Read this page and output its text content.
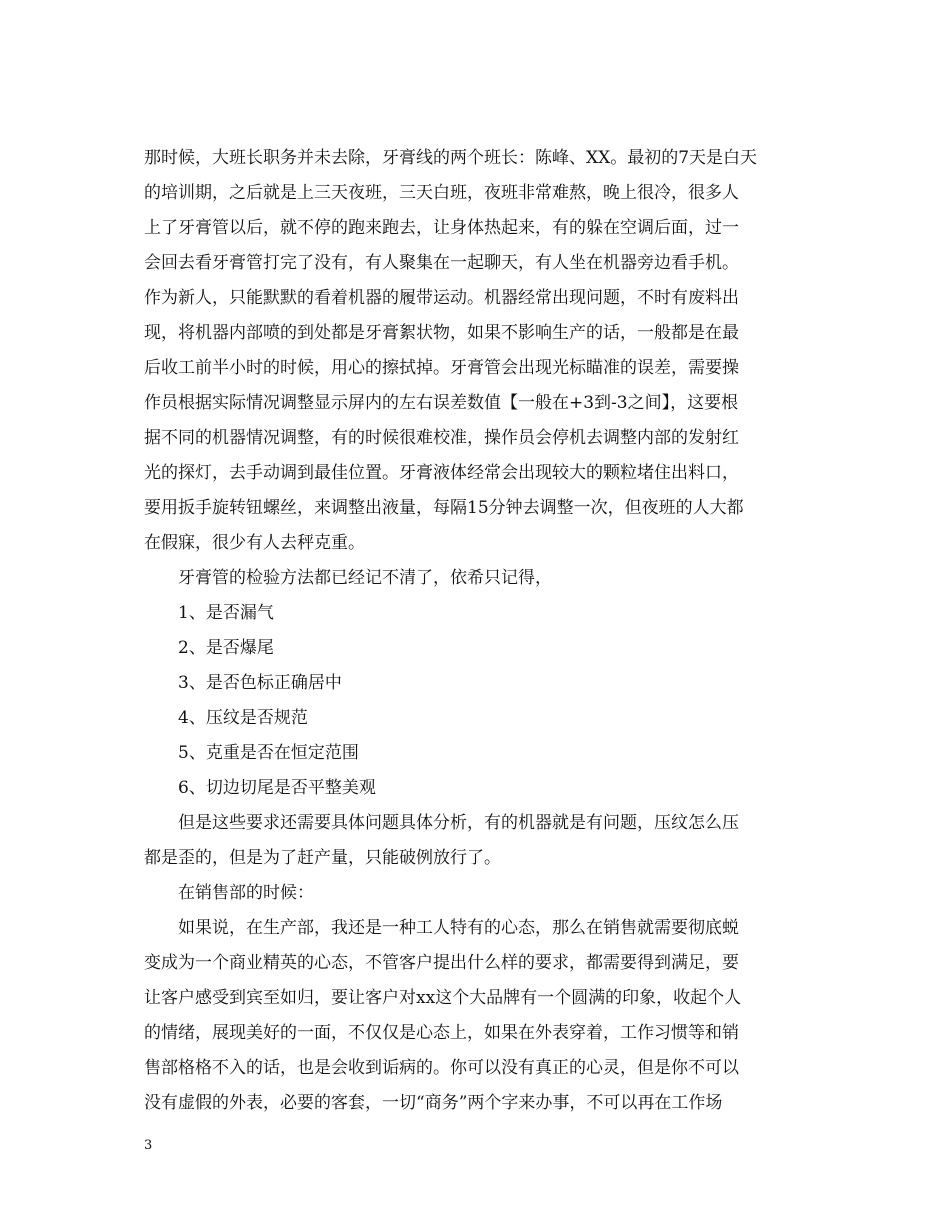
那时候，大班长职务并未去除，牙膏线的两个班长：陈峰、XX。最初的7天是白天
的培训期，之后就是上三天夜班，三天白班，夜班非常难熬，晚上很冷，很多人
上了牙膏管以后，就不停的跑来跑去，让身体热起来，有的躲在空调后面，过一
会回去看牙膏管打完了没有，有人聚集在一起聊天，有人坐在机器旁边看手机。
作为新人，只能默默的看着机器的履带运动。机器经常出现问题，不时有废料出
现，将机器内部喷的到处都是牙膏絮状物，如果不影响生产的话，一般都是在最
后收工前半小时的时候，用心的擦拭掉。牙膏管会出现光标瞄准的误差，需要操
作员根据实际情况调整显示屏内的左右误差数值【一般在+3到-3之间】，这要根
据不同的机器情况调整，有的时候很难校准，操作员会停机去调整内部的发射红
光的探灯，去手动调到最佳位置。牙膏液体经常会出现较大的颗粒堵住出料口，
要用扳手旋转钮螺丝，来调整出液量，每隔15分钟去调整一次，但夜班的人大都
在假寐，很少有人去秤克重。
牙膏管的检验方法都已经记不清了，依希只记得，
1、是否漏气
2、是否爆尾
3、是否色标正确居中
4、压纹是否规范
5、克重是否在恒定范围
6、切边切尾是否平整美观
但是这些要求还需要具体问题具体分析，有的机器就是有问题，压纹怎么压
都是歪的，但是为了赶产量，只能破例放行了。
在销售部的时候：
如果说，在生产部，我还是一种工人特有的心态，那么在销售就需要彻底蜕
变成为一个商业精英的心态，不管客户提出什么样的要求，都需要得到满足，要
让客户感受到宾至如归，要让客户对xx这个大品牌有一个圆满的印象，收起个人
的情绪，展现美好的一面，不仅仅是心态上，如果在外表穿着，工作习惯等和销
售部格格不入的话，也是会收到诟病的。你可以没有真正的心灵，但是你不可以
没有虚假的外表，必要的客套，一切“商务”两个字来办事，不可以再在工作场
3
